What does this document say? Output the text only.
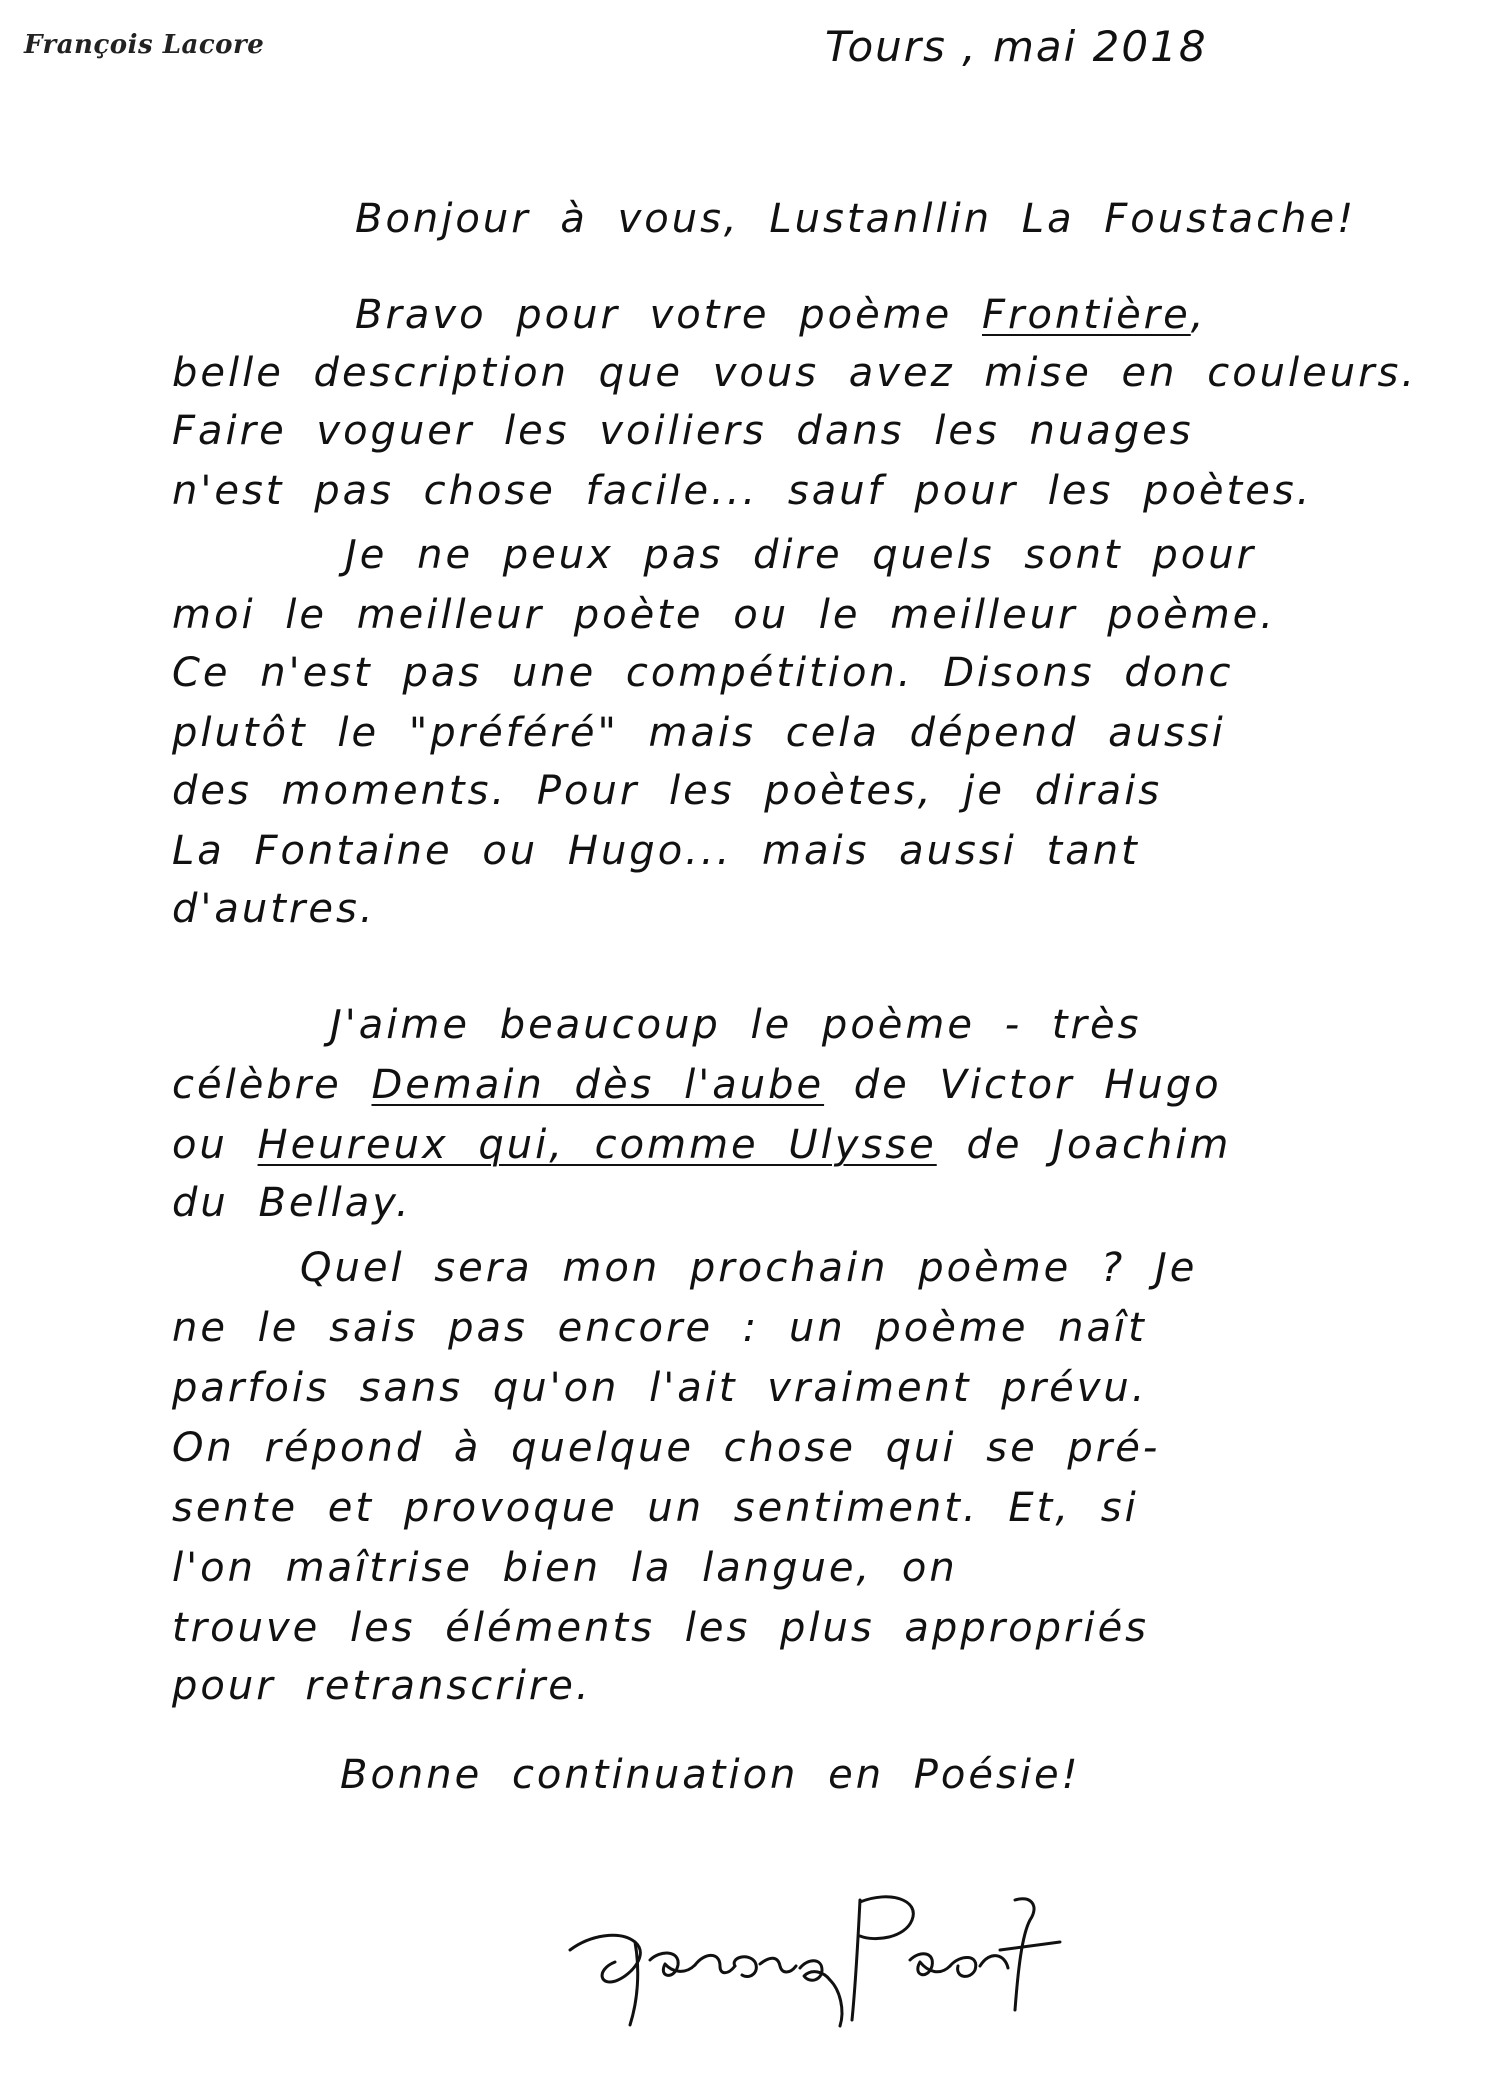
François Lacore	Tours , mai 2018
Bonjour à vous, Lustanllin La Foustache!
Bravo pour votre poème Frontière,
belle description que vous avez mise en couleurs.
Faire voguer les voiliers dans les nuages
n'est pas chose facile... sauf pour les poètes.
Je ne peux pas dire quels sont pour
moi le meilleur poète ou le meilleur poème.
Ce n'est pas une compétition. Disons donc
plutôt le "préféré" mais cela dépend aussi
des moments. Pour les poètes, je dirais
La Fontaine ou Hugo... mais aussi tant
d'autres.
J'aime beaucoup le poème - très
célèbre Demain dès l'aube de Victor Hugo
ou Heureux qui, comme Ulysse de Joachim
du Bellay.
Quel sera mon prochain poème ? Je
ne le sais pas encore : un poème naît
parfois sans qu'on l'ait vraiment prévu.
On répond à quelque chose qui se pré-
sente et provoque un sentiment. Et, si
l'on maîtrise bien la langue, on
trouve les éléments les plus appropriés
pour retranscrire.
Bonne continuation en Poésie!
